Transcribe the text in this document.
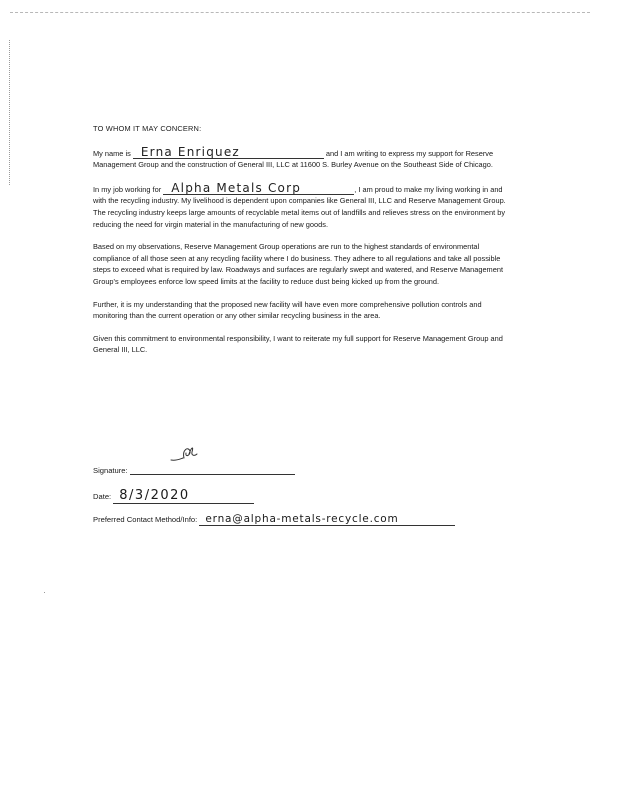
TO WHOM IT MAY CONCERN:

My name is Erna Enriquez	and I am writing to express my support for Reserve Management Group and the construction of General III, LLC at 11600 S. Burley Avenue on the Southeast Side of Chicago.

In my job working for Alpha Metals Corp	, I am proud to make my living working in and with the recycling industry. My livelihood is dependent upon companies like General III, LLC and Reserve Management Group. The recycling industry keeps large amounts of recyclable metal items out of landfills and relieves stress on the environment by reducing the need for virgin material in the manufacturing of new goods.

Based on my observations, Reserve Management Group operations are run to the highest standards of environmental compliance of all those seen at any recycling facility where I do business. They adhere to all regulations and take all possible steps to exceed what is required by law. Roadways and surfaces are regularly swept and watered, and Reserve Management Group's employees enforce low speed limits at the facility to reduce dust being kicked up from the ground.

Further, it is my understanding that the proposed new facility will have even more comprehensive pollution controls and monitoring than the current operation or any other similar recycling business in the area.

Given this commitment to environmental responsibility, I want to reiterate my full support for Reserve Management Group and General III, LLC.

Signature:
Date: 8/3/2020
Preferred Contact Method/Info: erna@alpha-metals-recycle.com
